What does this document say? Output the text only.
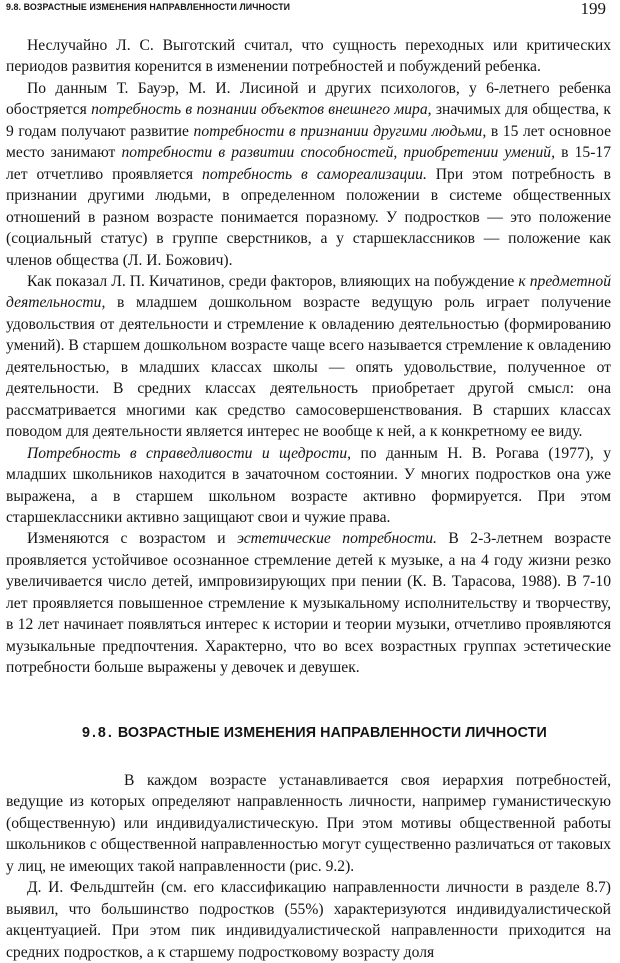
9.8. ВОЗРАСТНЫЕ ИЗМЕНЕНИЯ НАПРАВЛЕННОСТИ ЛИЧНОСТИ	199

Неслучайно Л. С. Выготский считал, что сущность переходных или критических периодов развития коренится в изменении потребностей и побуждений ребенка.

По данным Т. Бауэр, М. И. Лисиной и других психологов, у 6-летнего ребенка обостряется потребность в познании объектов внешнего мира, значимых для общества, к 9 годам получают развитие потребности в признании другими людьми, в 15 лет основное место занимают потребности в развитии способностей, приобретении умений, в 15-17 лет отчетливо проявляется потребность в самореализации. При этом потребность в признании другими людьми, в определенном положении в системе общественных отношений в разном возрасте понимается поразному. У подростков — это положение (социальный статус) в группе сверстников, а у старшеклассников — положение как членов общества (Л. И. Божович).

Как показал Л. П. Кичатинов, среди факторов, влияющих на побуждение к предметной деятельности, в младшем дошкольном возрасте ведущую роль играет получение удовольствия от деятельности и стремление к овладению деятельностью (формированию умений). В старшем дошкольном возрасте чаще всего называется стремление к овладению деятельностью, в младших классах школы — опять удовольствие, полученное от деятельности. В средних классах деятельность приобретает другой смысл: она рассматривается многими как средство самосовершенствования. В старших классах поводом для деятельности является интерес не вообще к ней, а к конкретному ее виду.

Потребность в справедливости и щедрости, по данным Н. В. Рогава (1977), у младших школьников находится в зачаточном состоянии. У многих подростков она уже выражена, а в старшем школьном возрасте активно формируется. При этом старшеклассники активно защищают свои и чужие права.

Изменяются с возрастом и эстетические потребности. В 2-3-летнем возрасте проявляется устойчивое осознанное стремление детей к музыке, а на 4 году жизни резко увеличивается число детей, импровизирующих при пении (К. В. Тарасова, 1988). В 7-10 лет проявляется повышенное стремление к музыкальному исполнительству и творчеству, в 12 лет начинает появляться интерес к истории и теории музыки, отчетливо проявляются музыкальные предпочтения. Характерно, что во всех возрастных группах эстетические потребности больше выражены у девочек и девушек.

9.8. ВОЗРАСТНЫЕ ИЗМЕНЕНИЯ НАПРАВЛЕННОСТИ ЛИЧНОСТИ

В каждом возрасте устанавливается своя иерархия потребностей, ведущие из которых определяют направленность личности, например гуманистическую (общественную) или индивидуалистическую. При этом мотивы общественной работы школьников с общественной направленностью могут существенно различаться от таковых у лиц, не имеющих такой направленности (рис. 9.2).

Д. И. Фельдштейн (см. его классификацию направленности личности в разделе 8.7) выявил, что большинство подростков (55%) характеризуются индивидуалистической акцентуацией. При этом пик индивидуалистической направленности приходится на средних подростков, а к старшему подростковому возрасту доля
